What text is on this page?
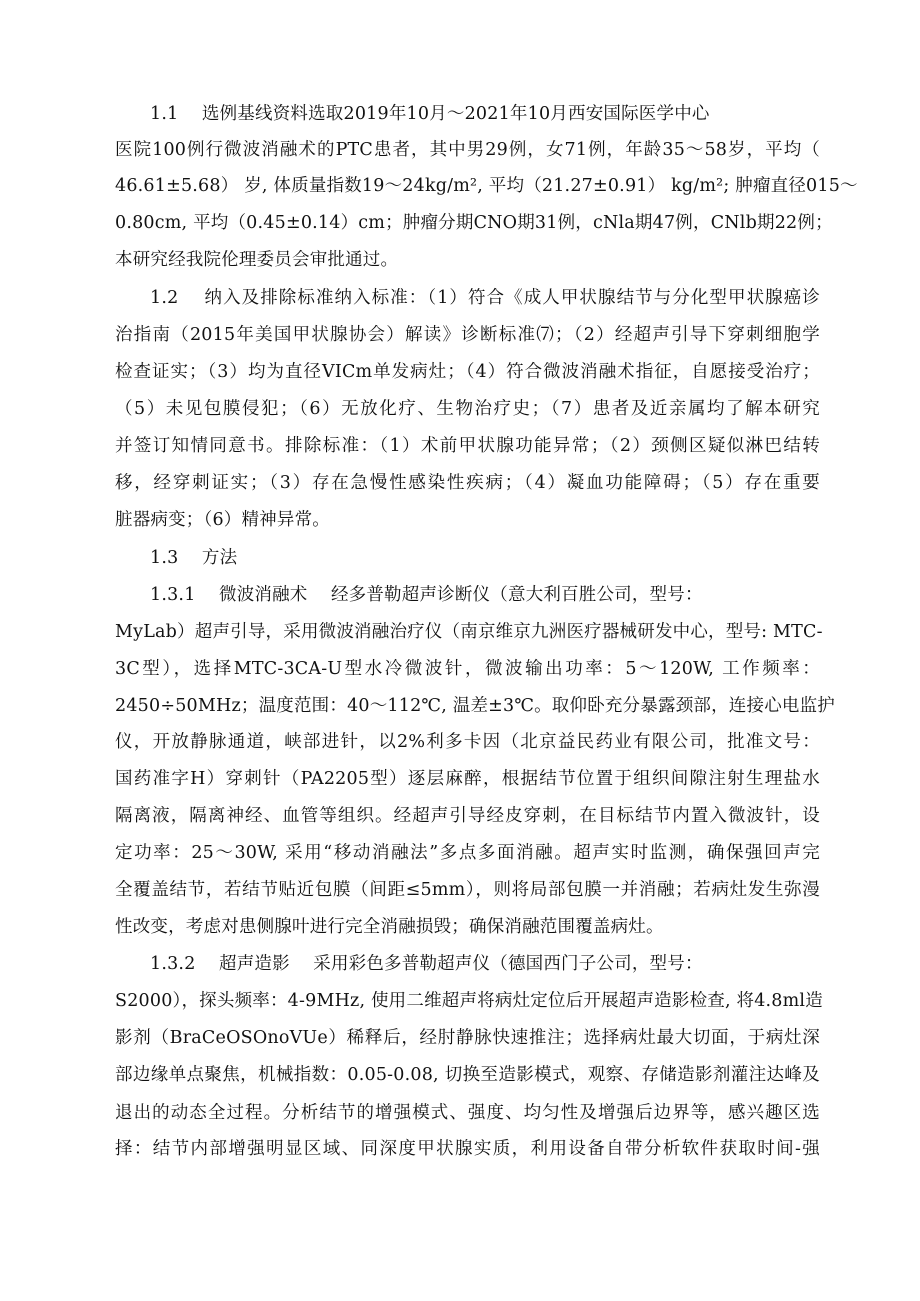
1.1　 选例基线资料选取2019年10月～2021年10月西安国际医学中心
医院100例行微波消融术的PTC患者，其中男29例，女71例，年龄35～58岁，平均（
46.61±5.68） 岁, 体质量指数19～24kg/m², 平均（21.27±0.91） kg/m²; 肿瘤直径015～
0.80cm, 平均（0.45±0.14）cm；肿瘤分期CNO期31例，cNla期47例，CNlb期22例；
本研究经我院伦理委员会审批通过。
1.2　 纳入及排除标准纳入标准：（1）符合《成人甲状腺结节与分化型甲状腺癌诊
治指南（2015年美国甲状腺协会）解读》诊断标准⑺；（2）经超声引导下穿刺细胞学
检查证实；（3）均为直径VICm单发病灶；（4）符合微波消融术指征，自愿接受治疗；
（5）未见包膜侵犯；（6）无放化疗、生物治疗史；（7）患者及近亲属均了解本研究
并签订知情同意书。排除标准：（1）术前甲状腺功能异常；（2）颈侧区疑似淋巴结转
移，经穿刺证实；（3）存在急慢性感染性疾病；（4）凝血功能障碍；（5）存在重要
脏器病变；（6）精神异常。
1.3　 方法
1.3.1　 微波消融术　 经多普勒超声诊断仪（意大利百胜公司，型号：
MyLab）超声引导，采用微波消融治疗仪（南京维京九洲医疗器械研发中心，型号: MTC-
3C型），选择MTC-3CA-U型水冷微波针，微波输出功率：5～120W, 工作频率：
2450÷50MHz；温度范围：40～112℃, 温差±3℃。取仰卧充分暴露颈部，连接心电监护
仪，开放静脉通道，峡部进针，以2%利多卡因（北京益民药业有限公司，批准文号：
国药准字H）穿刺针（PA2205型）逐层麻醉，根据结节位置于组织间隙注射生理盐水
隔离液，隔离神经、血管等组织。经超声引导经皮穿刺，在目标结节内置入微波针，设
定功率：25～30W, 采用“移动消融法”多点多面消融。超声实时监测，确保强回声完
全覆盖结节，若结节贴近包膜（间距≤5mm），则将局部包膜一并消融；若病灶发生弥漫
性改变，考虑对患侧腺叶进行完全消融损毁；确保消融范围覆盖病灶。
1.3.2　 超声造影　 采用彩色多普勒超声仪（德国西门子公司，型号：
S2000），探头频率：4-9MHz, 使用二维超声将病灶定位后开展超声造影检查, 将4.8ml造
影剂（BraCeOSOnoVUe）稀释后，经肘静脉快速推注；选择病灶最大切面，于病灶深
部边缘单点聚焦，机械指数：0.05-0.08, 切换至造影模式，观察、存储造影剂灌注达峰及
退出的动态全过程。分析结节的增强模式、强度、均匀性及增强后边界等，感兴趣区选
择：结节内部增强明显区域、同深度甲状腺实质，利用设备自带分析软件获取时间-强
